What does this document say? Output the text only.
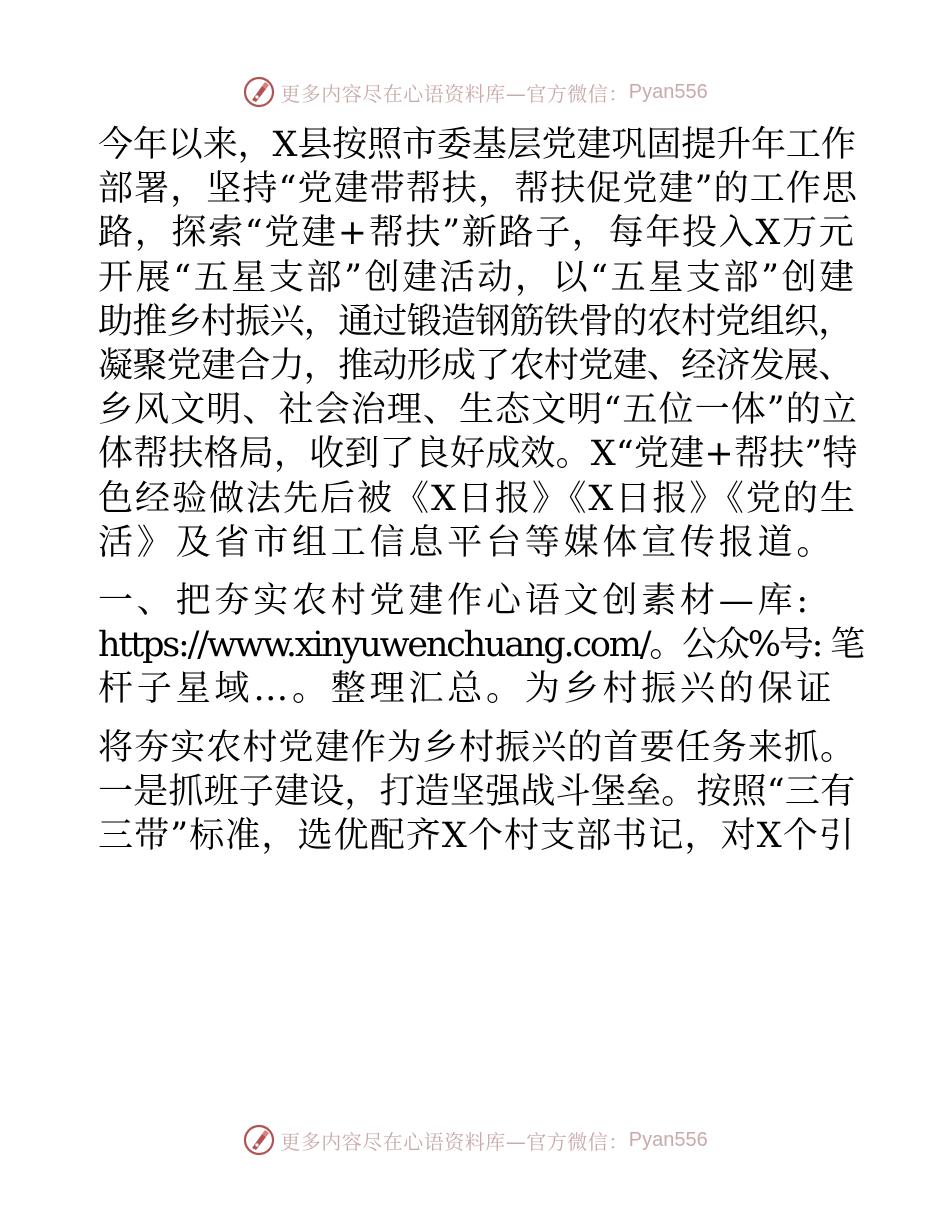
更多内容尽在心语资料库—官方微信： Pyan556

今年以来，X县按照市委基层党建巩固提升年工作
部署，坚持“党建带帮扶，帮扶促党建”的工作思
路，探索“党建+帮扶”新路子，每年投入X万元
开展“五星支部”创建活动，以“五星支部”创建
助推乡村振兴，通过锻造钢筋铁骨的农村党组织，
凝聚党建合力，推动形成了农村党建、经济发展、
乡风文明、社会治理、生态文明“五位一体”的立
体帮扶格局，收到了良好成效。X“党建+帮扶”特
色经验做法先后被《X日报》《X日报》《党的生
活》及省市组工信息平台等媒体宣传报道。

一、把夯实农村党建作心语文创素材—库:
https://www.xinyuwenchuang.com/。公众%号: 笔
杆子星域…。整理汇总。为乡村振兴的保证

将夯实农村党建作为乡村振兴的首要任务来抓。
一是抓班子建设，打造坚强战斗堡垒。按照“三有
三带”标准，选优配齐X个村支部书记，对X个引

更多内容尽在心语资料库—官方微信： Pyan556
